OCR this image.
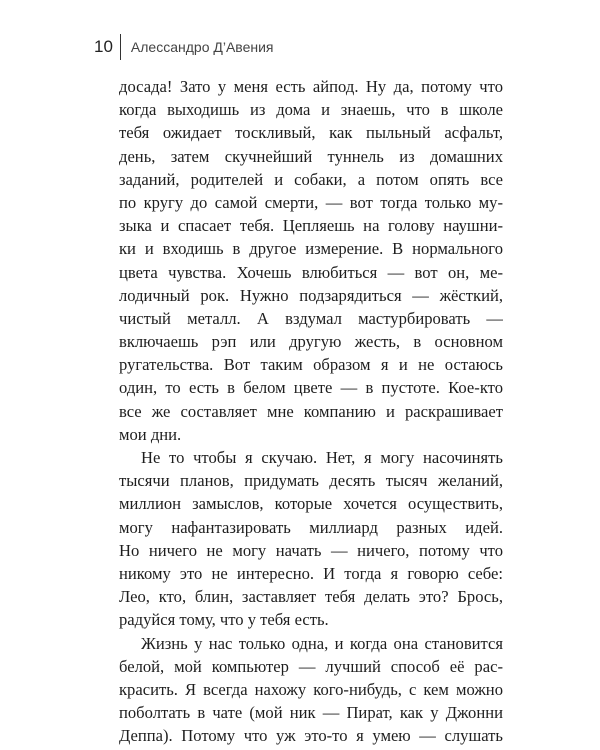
10 Алессандро Д’Авения
досада! Зато у меня есть айпод. Ну да, потому что
когда выходишь из дома и знаешь, что в школе
тебя ожидает тоскливый, как пыльный асфальт,
день, затем скучнейший туннель из домашних
заданий, родителей и собаки, а потом опять все
по кругу до самой смерти, — вот тогда только му-
зыка и спасает тебя. Цепляешь на голову наушни-
ки и входишь в другое измерение. В нормального
цвета чувства. Хочешь влюбиться — вот он, ме-
лодичный рок. Нужно подзарядиться — жёсткий,
чистый металл. А вздумал мастурбировать —
включаешь рэп или другую жесть, в основном
ругательства. Вот таким образом я и не остаюсь
один, то есть в белом цвете — в пустоте. Кое-кто
все же составляет мне компанию и раскрашивает
мои дни.
Не то чтобы я скучаю. Нет, я могу насочинять
тысячи планов, придумать десять тысяч желаний,
миллион замыслов, которые хочется осуществить,
могу нафантазировать миллиард разных идей.
Но ничего не могу начать — ничего, потому что
никому это не интересно. И тогда я говорю себе:
Лео, кто, блин, заставляет тебя делать это? Брось,
радуйся тому, что у тебя есть.
Жизнь у нас только одна, и когда она становится
белой, мой компьютер — лучший способ её рас-
красить. Я всегда нахожу кого-нибудь, с кем можно
поболтать в чате (мой ник — Пират, как у Джонни
Деппа). Потому что уж это-то я умею — слушать
